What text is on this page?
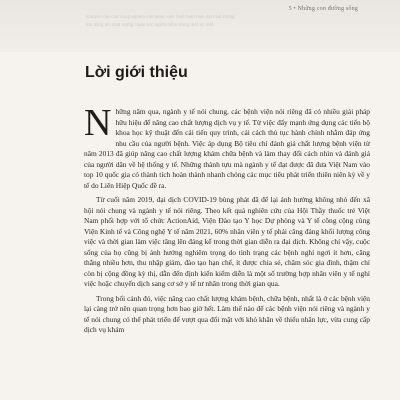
5 • Những con đường sống
Khuyến cáo cẩn trọng nghiên cứu bệnh viện Việt Nam hiện đại chất lượng
khi nâng lên chất lượng chăm sóc người bệnh trong thời kỳ mới
Lời giới thiệu

Những năm qua, ngành y tế nói chung, các bệnh viện nói riêng đã có nhiều giải pháp hữu hiệu để nâng cao chất lượng dịch vụ y tế. Từ việc đẩy mạnh ứng dụng các tiến bộ khoa học kỹ thuật đến cải tiến quy trình, cải cách thủ tục hành chính nhằm đáp ứng nhu cầu của người bệnh. Việc áp dụng Bộ tiêu chí đánh giá chất lượng bệnh viện từ năm 2013 đã giúp nâng cao chất lượng khám chữa bệnh và làm thay đổi cách nhìn và đánh giá của người dân về hệ thống y tế. Những thành tựu mà ngành y tế đạt được đã đưa Việt Nam vào top 10 quốc gia có thành tích hoàn thành nhanh chóng các mục tiêu phát triển thiên niên kỷ về y tế do Liên Hiệp Quốc đề ra.

Từ cuối năm 2019, đại dịch COVID-19 bùng phát đã để lại ảnh hưởng không nhỏ đến xã hội nói chung và ngành y tế nói riêng. Theo kết quả nghiên cứu của Hội Thầy thuốc trẻ Việt Nam phối hợp với tổ chức ActionAid, Viện Đào tạo Y học Dự phòng và Y tế công cộng cùng Viện Kinh tế và Công nghệ Y tế năm 2021, 60% nhân viên y tế phải căng đáng khối lượng công việc và thời gian làm việc tăng lên đáng kể trong thời gian diễn ra đại dịch. Không chỉ vậy, cuộc sống của họ cũng bị ảnh hưởng nghiêm trọng do tình trạng các bệnh nghỉ ngơi ít hơn, căng thẳng nhiều hơn, thu nhập giảm, đào tạo hạn chế, ít được chia sẻ, chăm sóc gia đình, thậm chí còn bị cộng đồng kỳ thị, dẫn đến định kiến kiểm diễn là một số trường hợp nhân viên y tế nghỉ việc hoặc chuyển dịch sang cơ sở y tế tư nhân trong thời gian qua.

Trong bối cảnh đó, việc nâng cao chất lượng khám bệnh, chữa bệnh, nhất là ở các bệnh viện lại càng trở nên quan trọng hơn bao giờ hết. Làm thế nào để các bệnh viện nói riêng và ngành y tế nói chung có thể phát triển để vượt qua đối mặt với khó khăn về thiếu nhân lực, vừa cung cấp dịch vụ khám
